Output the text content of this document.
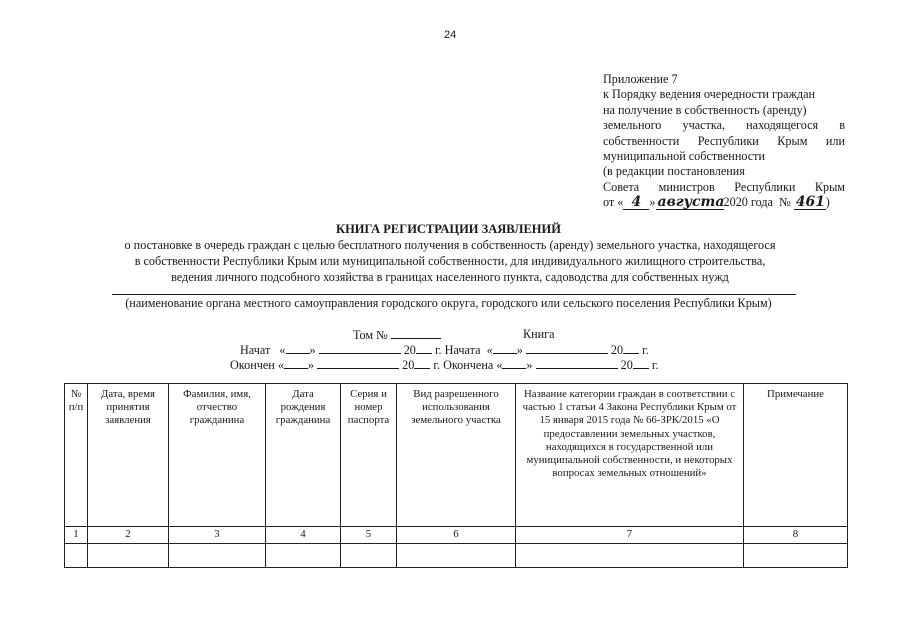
24
Приложение 7
к Порядку ведения очередности граждан
на получение в собственность (аренду)
земельного участка, находящегося в
собственности Республики Крым или
муниципальной собственности
(в редакции постановления
Совета министров Республики Крым
от « 4 » августа2020 года № 461)
КНИГА РЕГИСТРАЦИИ ЗАЯВЛЕНИЙ
о постановке в очередь граждан с целью бесплатного получения в собственность (аренду) земельного участка, находящегося
в собственности Республики Крым или муниципальной собственности, для индивидуального жилищного строительства,
ведения личного подсобного хозяйства в границах населенного пункта, садоводства для собственных нужд
(наименование органа местного самоуправления городского округа, городского или сельского поселения Республики Крым)
Том №	Книга
Начат « »	20 г. Начата « »	20 г.
Окончен « »	20 г. Окончена « »	20 г.
№ п/п	Дата, время принятия заявления	Фамилия, имя, отчество гражданина	Дата рождения гражданина	Серия и номер паспорта	Вид разрешенного использования земельного участка	Название категории граждан в соответствии с частью 1 статьи 4 Закона Республики Крым от 15 января 2015 года № 66-ЗРК/2015 «О предоставлении земельных участков, находящихся в государственной или муниципальной собственности, и некоторых вопросах земельных отношений»	Примечание
1	2	3	4	5	6	7	8
